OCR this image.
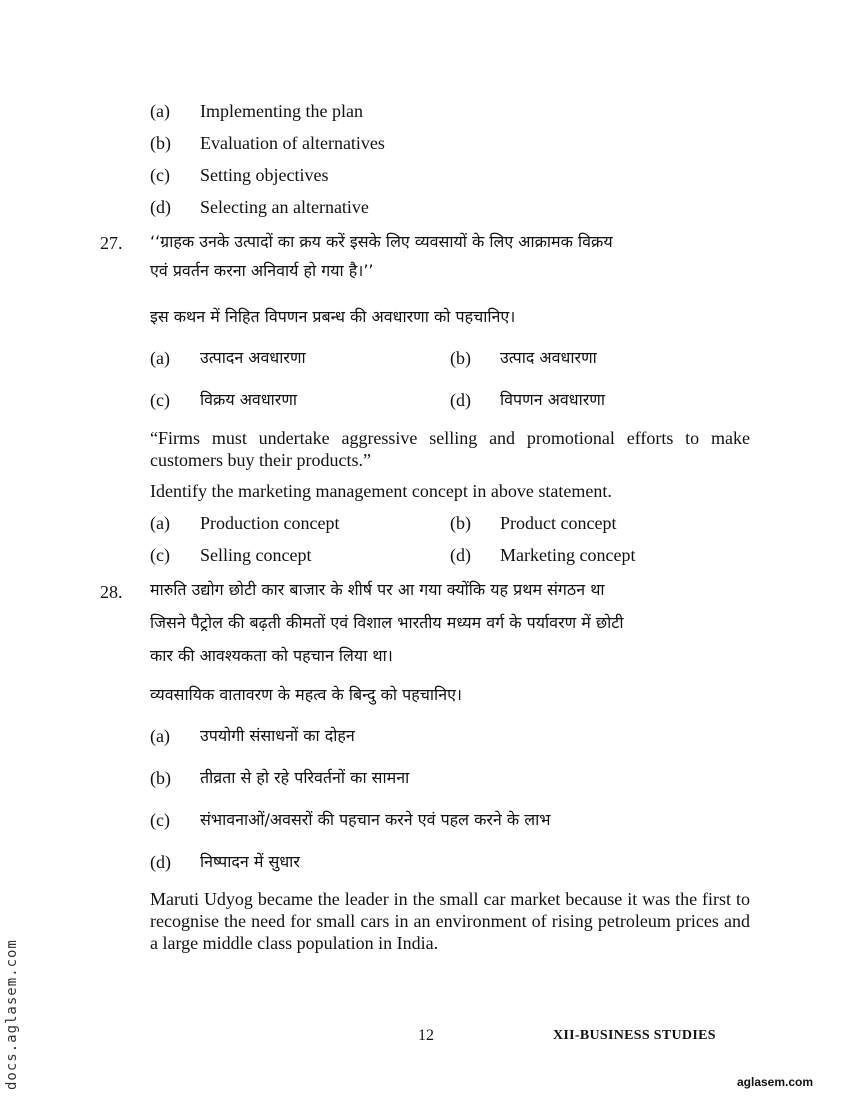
(a) Implementing the plan
(b) Evaluation of alternatives
(c) Setting objectives
(d) Selecting an alternative
27. ‘‘ग्राहक उनके उत्पादों का क्रय करें इसके लिए व्यवसायों के लिए आक्रामक विक्रय
एवं प्रवर्तन करना अनिवार्य हो गया है।’’
इस कथन में निहित विपणन प्रबन्ध की अवधारणा को पहचानिए।
(a) उत्पादन अवधारणा	(b) उत्पाद अवधारणा
(c) विक्रय अवधारणा	(d) विपणन अवधारणा
“Firms must undertake aggressive selling and promotional efforts to make customers buy their products.”
Identify the marketing management concept in above statement.
(a) Production concept	(b) Product concept
(c) Selling concept	(d) Marketing concept
28. मारुति उद्योग छोटी कार बाजार के शीर्ष पर आ गया क्योंकि यह प्रथम संगठन था
जिसने पैट्रोल की बढ़ती कीमतों एवं विशाल भारतीय मध्यम वर्ग के पर्यावरण में छोटी
कार की आवश्यकता को पहचान लिया था।
व्यवसायिक वातावरण के महत्व के बिन्दु को पहचानिए।
(a) उपयोगी संसाधनों का दोहन
(b) तीव्रता से हो रहे परिवर्तनों का सामना
(c) संभावनाओं/अवसरों की पहचान करने एवं पहल करने के लाभ
(d) निष्पादन में सुधार
Maruti Udyog became the leader in the small car market because it was the first to recognise the need for small cars in an environment of rising petroleum prices and a large middle class population in India.
12	XII-BUSINESS STUDIES
aglasem.com
docs.aglasem.com
